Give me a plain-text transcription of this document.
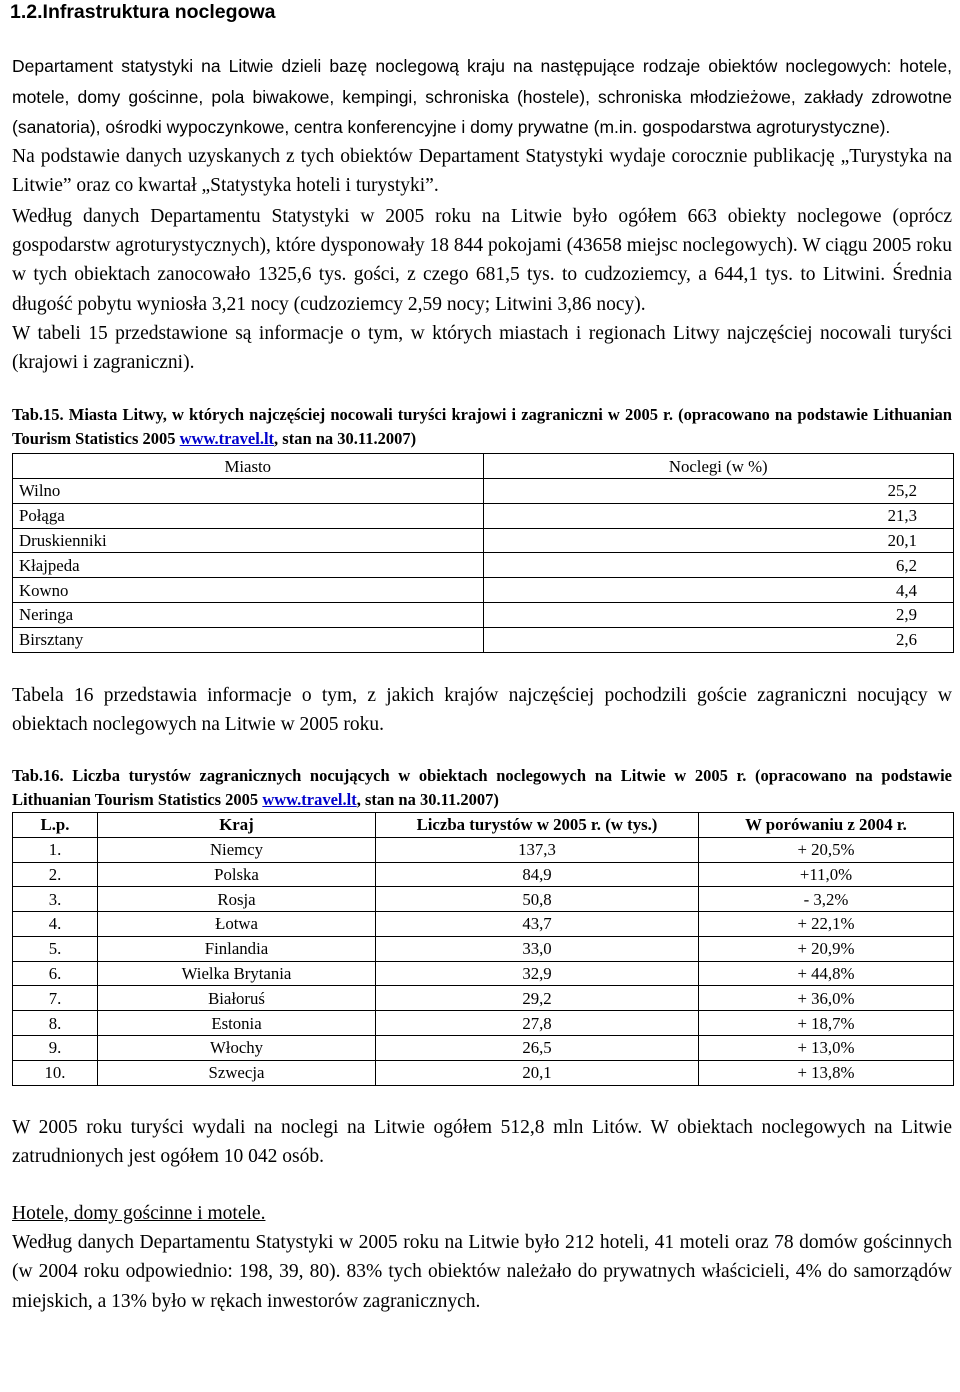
1.2.Infrastruktura noclegowa

Departament statystyki na Litwie dzieli bazę noclegową kraju na następujące rodzaje obiektów noclegowych: hotele, motele, domy gościnne, pola biwakowe, kempingi, schroniska (hostele), schroniska młodzieżowe, zakłady zdrowotne (sanatoria), ośrodki wypoczynkowe, centra konferencyjne i domy prywatne (m.in. gospodarstwa agroturystyczne).

Na podstawie danych uzyskanych z tych obiektów Departament Statystyki wydaje corocznie publikację „Turystyka na Litwie” oraz co kwartał „Statystyka hoteli i turystyki”.

Według danych Departamentu Statystyki w 2005 roku na Litwie było ogółem 663 obiekty noclegowe (oprócz gospodarstw agroturystycznych), które dysponowały 18 844 pokojami (43658 miejsc noclegowych). W ciągu 2005 roku w tych obiektach zanocowało 1325,6 tys. gości, z czego 681,5 tys. to cudzoziemcy, a 644,1 tys. to Litwini. Średnia długość pobytu wyniosła 3,21 nocy (cudzoziemcy 2,59 nocy; Litwini 3,86 nocy).

W tabeli 15 przedstawione są informacje o tym, w których miastach i regionach Litwy najczęściej nocowali turyści (krajowi i zagraniczni).

Tab.15. Miasta Litwy, w których najczęściej nocowali turyści krajowi i zagraniczni w 2005 r. (opracowano na podstawie Lithuanian Tourism Statistics 2005 www.travel.lt, stan na 30.11.2007)

Miasto	Noclegi (w %)
Wilno	25,2
Połąga	21,3
Druskienniki	20,1
Kłajpeda	6,2
Kowno	4,4
Neringa	2,9
Birsztany	2,6

Tabela 16 przedstawia informacje o tym, z jakich krajów najczęściej pochodzili goście zagraniczni nocujący w obiektach noclegowych na Litwie w 2005 roku.

Tab.16. Liczba turystów zagranicznych nocujących w obiektach noclegowych na Litwie w 2005 r. (opracowano na podstawie Lithuanian Tourism Statistics 2005 www.travel.lt, stan na 30.11.2007)

L.p.	Kraj	Liczba turystów w 2005 r. (w tys.)	W porówaniu z 2004 r.
1.	Niemcy	137,3	+ 20,5%
2.	Polska	84,9	+11,0%
3.	Rosja	50,8	- 3,2%
4.	Łotwa	43,7	+ 22,1%
5.	Finlandia	33,0	+ 20,9%
6.	Wielka Brytania	32,9	+ 44,8%
7.	Białoruś	29,2	+ 36,0%
8.	Estonia	27,8	+ 18,7%
9.	Włochy	26,5	+ 13,0%
10.	Szwecja	20,1	+ 13,8%

W 2005 roku turyści wydali na noclegi na Litwie ogółem 512,8 mln Litów. W obiektach noclegowych na Litwie zatrudnionych jest ogółem 10 042 osób.

Hotele, domy gościnne i motele.

Według danych Departamentu Statystyki w 2005 roku na Litwie było 212 hoteli, 41 moteli oraz 78 domów gościnnych (w 2004 roku odpowiednio: 198, 39, 80). 83% tych obiektów należało do prywatnych właścicieli, 4% do samorządów miejskich, a 13% było w rękach inwestorów zagranicznych.
